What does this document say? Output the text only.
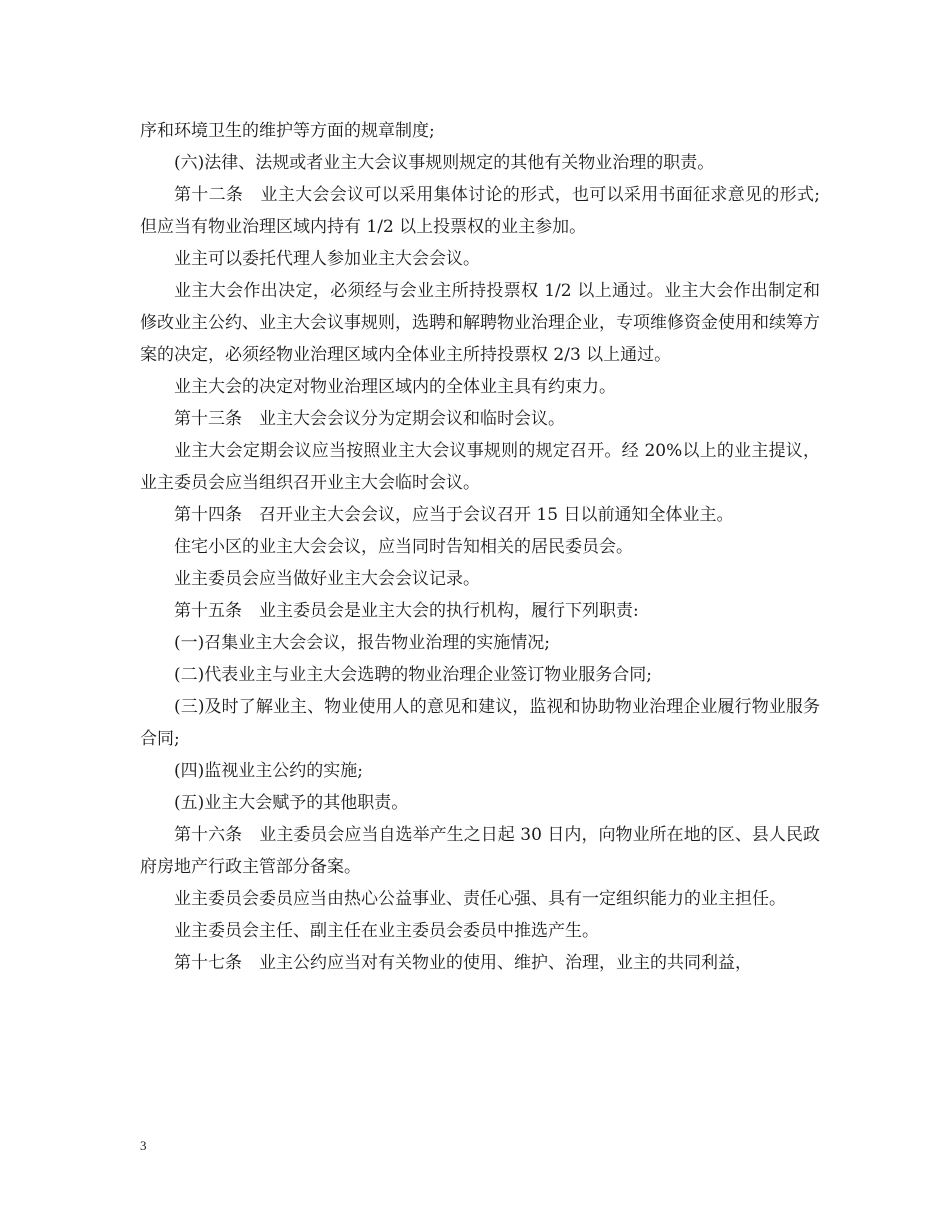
序和环境卫生的维护等方面的规章制度;

(六)法律、法规或者业主大会议事规则规定的其他有关物业治理的职责。

第十二条　业主大会会议可以采用集体讨论的形式，也可以采用书面征求意见的形式;但应当有物业治理区域内持有 1/2 以上投票权的业主参加。

业主可以委托代理人参加业主大会会议。

业主大会作出决定，必须经与会业主所持投票权 1/2 以上通过。业主大会作出制定和修改业主公约、业主大会议事规则，选聘和解聘物业治理企业，专项维修资金使用和续筹方案的决定，必须经物业治理区域内全体业主所持投票权 2/3 以上通过。

业主大会的决定对物业治理区域内的全体业主具有约束力。

第十三条　业主大会会议分为定期会议和临时会议。

业主大会定期会议应当按照业主大会议事规则的规定召开。经 20%以上的业主提议，业主委员会应当组织召开业主大会临时会议。

第十四条　召开业主大会会议，应当于会议召开 15 日以前通知全体业主。

住宅小区的业主大会会议，应当同时告知相关的居民委员会。

业主委员会应当做好业主大会会议记录。

第十五条　业主委员会是业主大会的执行机构，履行下列职责:

(一)召集业主大会会议，报告物业治理的实施情况;

(二)代表业主与业主大会选聘的物业治理企业签订物业服务合同;

(三)及时了解业主、物业使用人的意见和建议，监视和协助物业治理企业履行物业服务合同;

(四)监视业主公约的实施;

(五)业主大会赋予的其他职责。

第十六条　业主委员会应当自选举产生之日起 30 日内，向物业所在地的区、县人民政府房地产行政主管部分备案。

业主委员会委员应当由热心公益事业、责任心强、具有一定组织能力的业主担任。

业主委员会主任、副主任在业主委员会委员中推选产生。

第十七条　业主公约应当对有关物业的使用、维护、治理，业主的共同利益，

3
